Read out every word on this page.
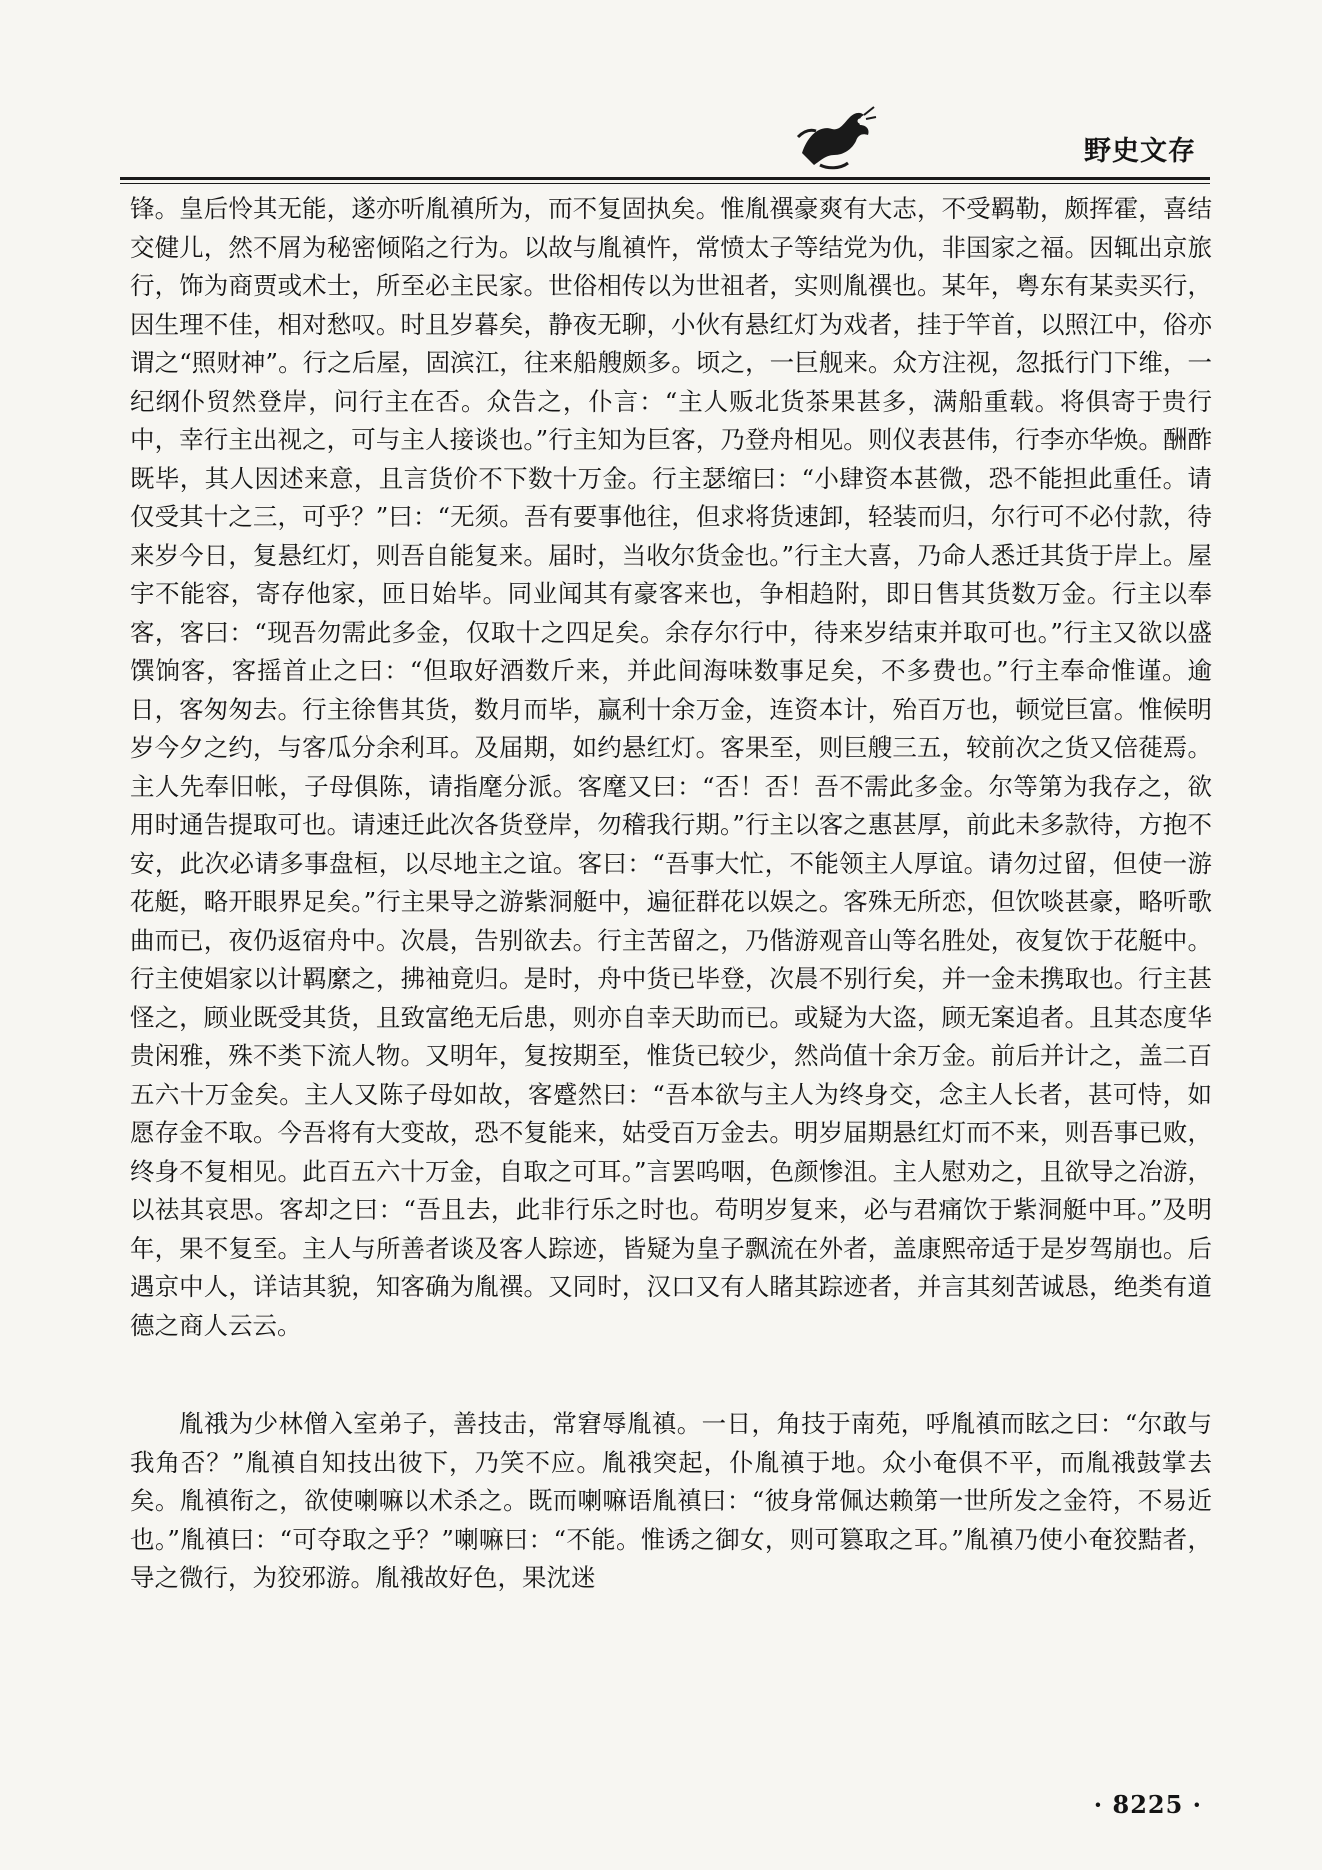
野史文存

锋。皇后怜其无能，遂亦听胤禛所为，而不复固执矣。惟胤禩豪爽有大志，不受羁勒，颇挥霍，喜结交健儿，然不屑为秘密倾陷之行为。以故与胤禛忤，常愤太子等结党为仇，非国家之福。因辄出京旅行，饰为商贾或术士，所至必主民家。世俗相传以为世祖者，实则胤禩也。某年，粤东有某卖买行，因生理不佳，相对愁叹。时且岁暮矣，静夜无聊，小伙有悬红灯为戏者，挂于竿首，以照江中，俗亦谓之“照财神”。行之后屋，固滨江，往来船艘颇多。顷之，一巨舰来。众方注视，忽抵行门下维，一纪纲仆贸然登岸，问行主在否。众告之，仆言：“主人贩北货茶果甚多，满船重载。将俱寄于贵行中，幸行主出视之，可与主人接谈也。”行主知为巨客，乃登舟相见。则仪表甚伟，行李亦华焕。酬酢既毕，其人因述来意，且言货价不下数十万金。行主瑟缩曰：“小肆资本甚微，恐不能担此重任。请仅受其十之三，可乎？”曰：“无须。吾有要事他往，但求将货速卸，轻装而归，尔行可不必付款，待来岁今日，复悬红灯，则吾自能复来。届时，当收尔货金也。”行主大喜，乃命人悉迁其货于岸上。屋宇不能容，寄存他家，匝日始毕。同业闻其有豪客来也，争相趋附，即日售其货数万金。行主以奉客，客曰：“现吾勿需此多金，仅取十之四足矣。余存尔行中，待来岁结束并取可也。”行主又欲以盛馔饷客，客摇首止之曰：“但取好酒数斤来，并此间海味数事足矣，不多费也。”行主奉命惟谨。逾日，客匆匆去。行主徐售其货，数月而毕，赢利十余万金，连资本计，殆百万也，顿觉巨富。惟候明岁今夕之约，与客瓜分余利耳。及届期，如约悬红灯。客果至，则巨艘三五，较前次之货又倍蓰焉。主人先奉旧帐，子母俱陈，请指麾分派。客麾又曰：“否！否！吾不需此多金。尔等第为我存之，欲用时通告提取可也。请速迁此次各货登岸，勿稽我行期。”行主以客之惠甚厚，前此未多款待，方抱不安，此次必请多事盘桓，以尽地主之谊。客曰：“吾事大忙，不能领主人厚谊。请勿过留，但使一游花艇，略开眼界足矣。”行主果导之游紫洞艇中，遍征群花以娱之。客殊无所恋，但饮啖甚豪，略听歌曲而已，夜仍返宿舟中。次晨，告别欲去。行主苦留之，乃偕游观音山等名胜处，夜复饮于花艇中。行主使娼家以计羁縻之，拂袖竟归。是时，舟中货已毕登，次晨不别行矣，并一金未携取也。行主甚怪之，顾业既受其货，且致富绝无后患，则亦自幸天助而已。或疑为大盗，顾无案追者。且其态度华贵闲雅，殊不类下流人物。又明年，复按期至，惟货已较少，然尚值十余万金。前后并计之，盖二百五六十万金矣。主人又陈子母如故，客蹙然曰：“吾本欲与主人为终身交，念主人长者，甚可恃，如愿存金不取。今吾将有大变故，恐不复能来，姑受百万金去。明岁届期悬红灯而不来，则吾事已败，终身不复相见。此百五六十万金，自取之可耳。”言罢呜咽，色颜惨沮。主人慰劝之，且欲导之冶游，以祛其哀思。客却之曰：“吾且去，此非行乐之时也。苟明岁复来，必与君痛饮于紫洞艇中耳。”及明年，果不复至。主人与所善者谈及客人踪迹，皆疑为皇子飘流在外者，盖康熙帝适于是岁驾崩也。后遇京中人，详诘其貌，知客确为胤禩。又同时，汉口又有人睹其踪迹者，并言其刻苦诚恳，绝类有道德之商人云云。

胤䄉为少林僧入室弟子，善技击，常窘辱胤禛。一日，角技于南苑，呼胤禛而眩之曰：“尔敢与我角否？”胤禛自知技出彼下，乃笑不应。胤䄉突起，仆胤禛于地。众小奄俱不平，而胤䄉鼓掌去矣。胤禛衔之，欲使喇嘛以术杀之。既而喇嘛语胤禛曰：“彼身常佩达赖第一世所发之金符，不易近也。”胤禛曰：“可夺取之乎？”喇嘛曰：“不能。惟诱之御女，则可篡取之耳。”胤禛乃使小奄狡黠者，导之微行，为狡邪游。胤䄉故好色，果沈迷

· 8225 ·
